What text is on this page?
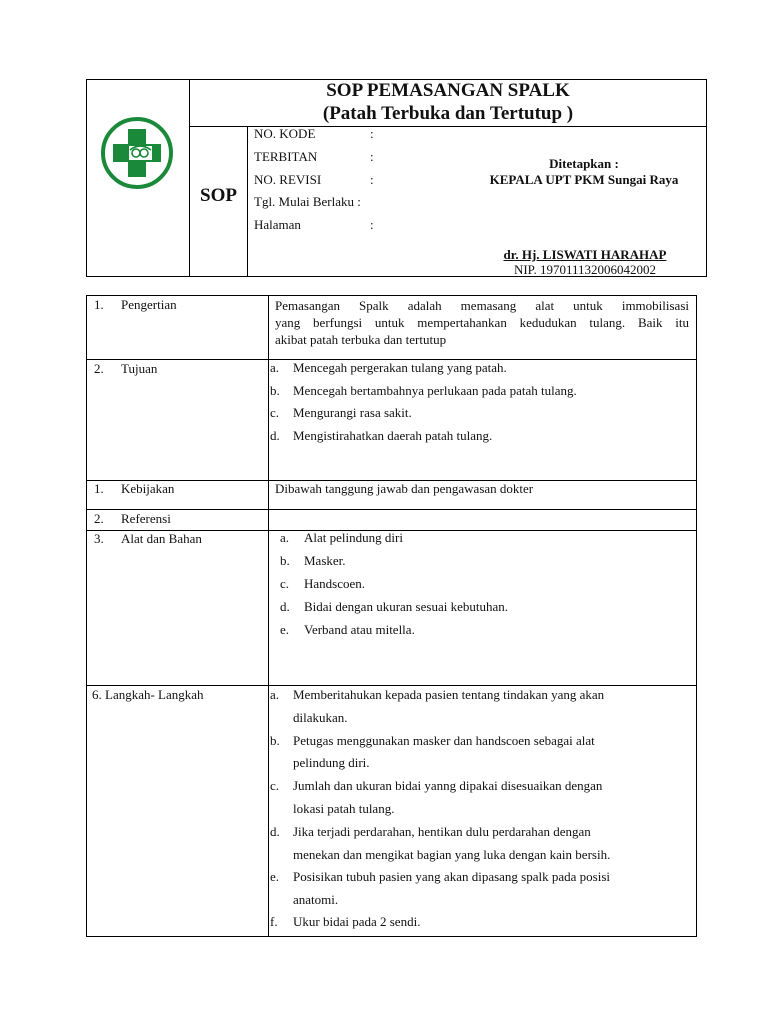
SOP PEMASANGAN SPALK
(Patah Terbuka dan Tertutup )
SOP
NO. KODE	:
TERBITAN	:
NO. REVISI	:
Tgl. Mulai Berlaku :
Halaman	:
Ditetapkan :
KEPALA UPT PKM Sungai Raya
dr. Hj. LISWATI HARAHAP
NIP. 197011132006042002
1. Pengertian	Pemasangan Spalk adalah memasang alat untuk immobilisasi
yang berfungsi untuk mempertahankan kedudukan tulang. Baik itu
akibat patah terbuka dan tertutup
2. Tujuan	a. Mencegah pergerakan tulang yang patah.
b. Mencegah bertambahnya perlukaan pada patah tulang.
c. Mengurangi rasa sakit.
d. Mengistirahatkan daerah patah tulang.
1. Kebijakan	Dibawah tanggung jawab dan pengawasan dokter
2. Referensi
3. Alat dan Bahan	a. Alat pelindung diri
b. Masker.
c. Handscoen.
d. Bidai dengan ukuran sesuai kebutuhan.
e. Verband atau mitella.
6. Langkah- Langkah	a. Memberitahukan kepada pasien tentang tindakan yang akan
dilakukan.
b. Petugas menggunakan masker dan handscoen sebagai alat
pelindung diri.
c. Jumlah dan ukuran bidai yanng dipakai disesuaikan dengan
lokasi patah tulang.
d. Jika terjadi perdarahan, hentikan dulu perdarahan dengan
menekan dan mengikat bagian yang luka dengan kain bersih.
e. Posisikan tubuh pasien yang akan dipasang spalk pada posisi
anatomi.
f. Ukur bidai pada 2 sendi.
